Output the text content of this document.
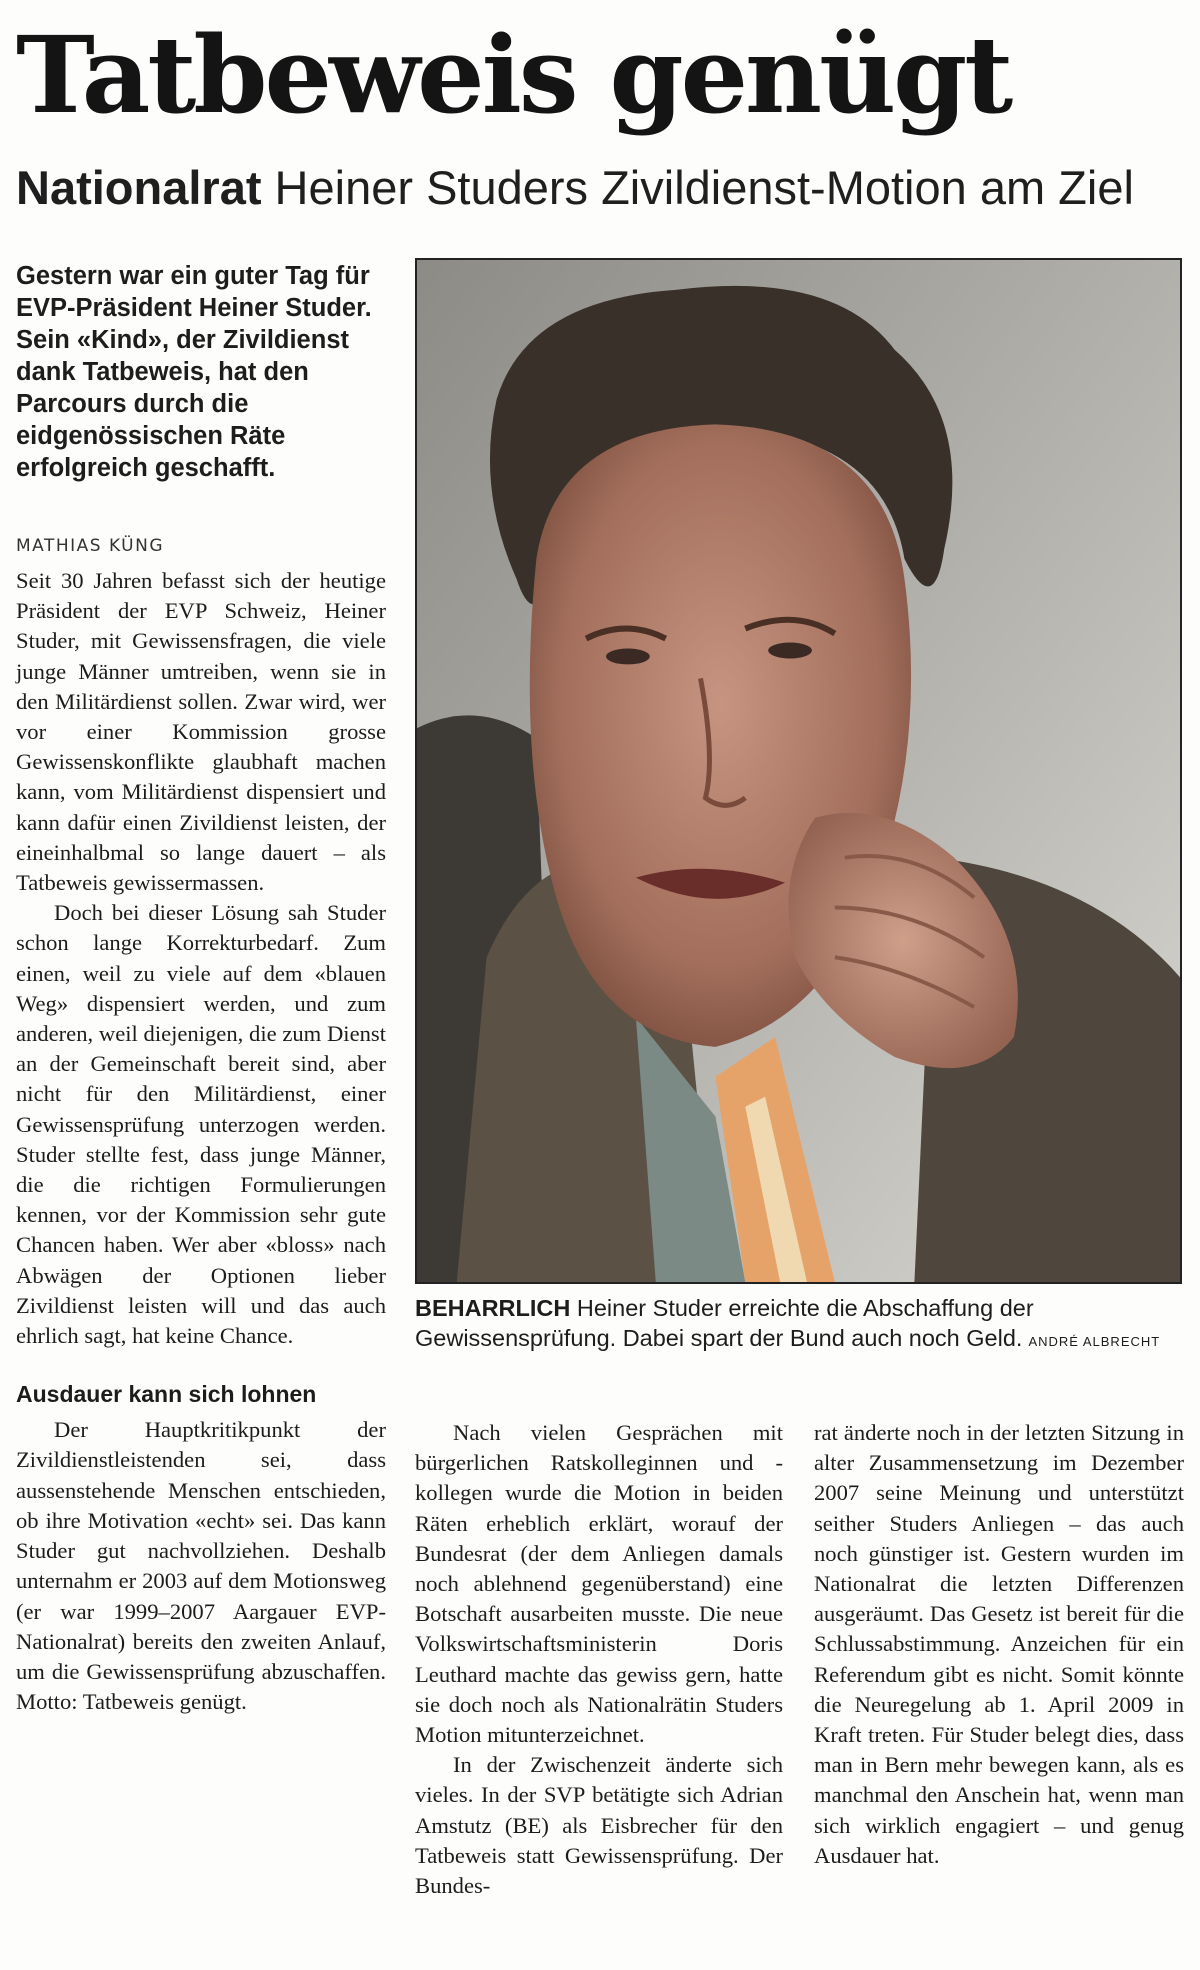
Tatbeweis genügt
Nationalrat Heiner Studers Zivildienst-Motion am Ziel
Gestern war ein guter Tag für EVP-Präsident Heiner Studer. Sein «Kind», der Zivildienst dank Tatbeweis, hat den Parcours durch die eidgenössischen Räte erfolgreich geschafft.
MATHIAS KÜNG

Seit 30 Jahren befasst sich der heutige Präsident der EVP Schweiz, Heiner Studer, mit Gewissensfragen, die viele junge Männer umtreiben, wenn sie in den Militärdienst sollen. Zwar wird, wer vor einer Kommission grosse Gewissenskonflikte glaubhaft machen kann, vom Militärdienst dispensiert und kann dafür einen Zivildienst leisten, der eineinhalbmal so lange dauert – als Tatbeweis gewissermassen.

Doch bei dieser Lösung sah Studer schon lange Korrekturbedarf. Zum einen, weil zu viele auf dem «blauen Weg» dispensiert werden, und zum anderen, weil diejenigen, die zum Dienst an der Gemeinschaft bereit sind, aber nicht für den Militärdienst, einer Gewissensprüfung unterzogen werden. Studer stellte fest, dass junge Männer, die die richtigen Formulierungen kennen, vor der Kommission sehr gute Chancen haben. Wer aber «bloss» nach Abwägen der Optionen lieber Zivildienst leisten will und das auch ehrlich sagt, hat keine Chance.

Ausdauer kann sich lohnen

Der Hauptkritikpunkt der Zivildienstleistenden sei, dass aussenstehende Menschen entschieden, ob ihre Motivation «echt» sei. Das kann Studer gut nachvollziehen. Deshalb unternahm er 2003 auf dem Motionsweg (er war 1999–2007 Aargauer EVP-Nationalrat) bereits den zweiten Anlauf, um die Gewissensprüfung abzuschaffen. Motto: Tatbeweis genügt.

BEHARRLICH Heiner Studer erreichte die Abschaffung der Gewissensprüfung. Dabei spart der Bund auch noch Geld. ANDRÉ ALBRECHT

Nach vielen Gesprächen mit bürgerlichen Ratskolleginnen und -kollegen wurde die Motion in beiden Räten erheblich erklärt, worauf der Bundesrat (der dem Anliegen damals noch ablehnend gegenüberstand) eine Botschaft ausarbeiten musste. Die neue Volkswirtschaftsministerin Doris Leuthard machte das gewiss gern, hatte sie doch noch als Nationalrätin Studers Motion mitunterzeichnet.

In der Zwischenzeit änderte sich vieles. In der SVP betätigte sich Adrian Amstutz (BE) als Eisbrecher für den Tatbeweis statt Gewissensprüfung. Der Bundes-

rat änderte noch in der letzten Sitzung in alter Zusammensetzung im Dezember 2007 seine Meinung und unterstützt seither Studers Anliegen – das auch noch günstiger ist. Gestern wurden im Nationalrat die letzten Differenzen ausgeräumt. Das Gesetz ist bereit für die Schlussabstimmung. Anzeichen für ein Referendum gibt es nicht. Somit könnte die Neuregelung ab 1. April 2009 in Kraft treten. Für Studer belegt dies, dass man in Bern mehr bewegen kann, als es manchmal den Anschein hat, wenn man sich wirklich engagiert – und genug Ausdauer hat.
